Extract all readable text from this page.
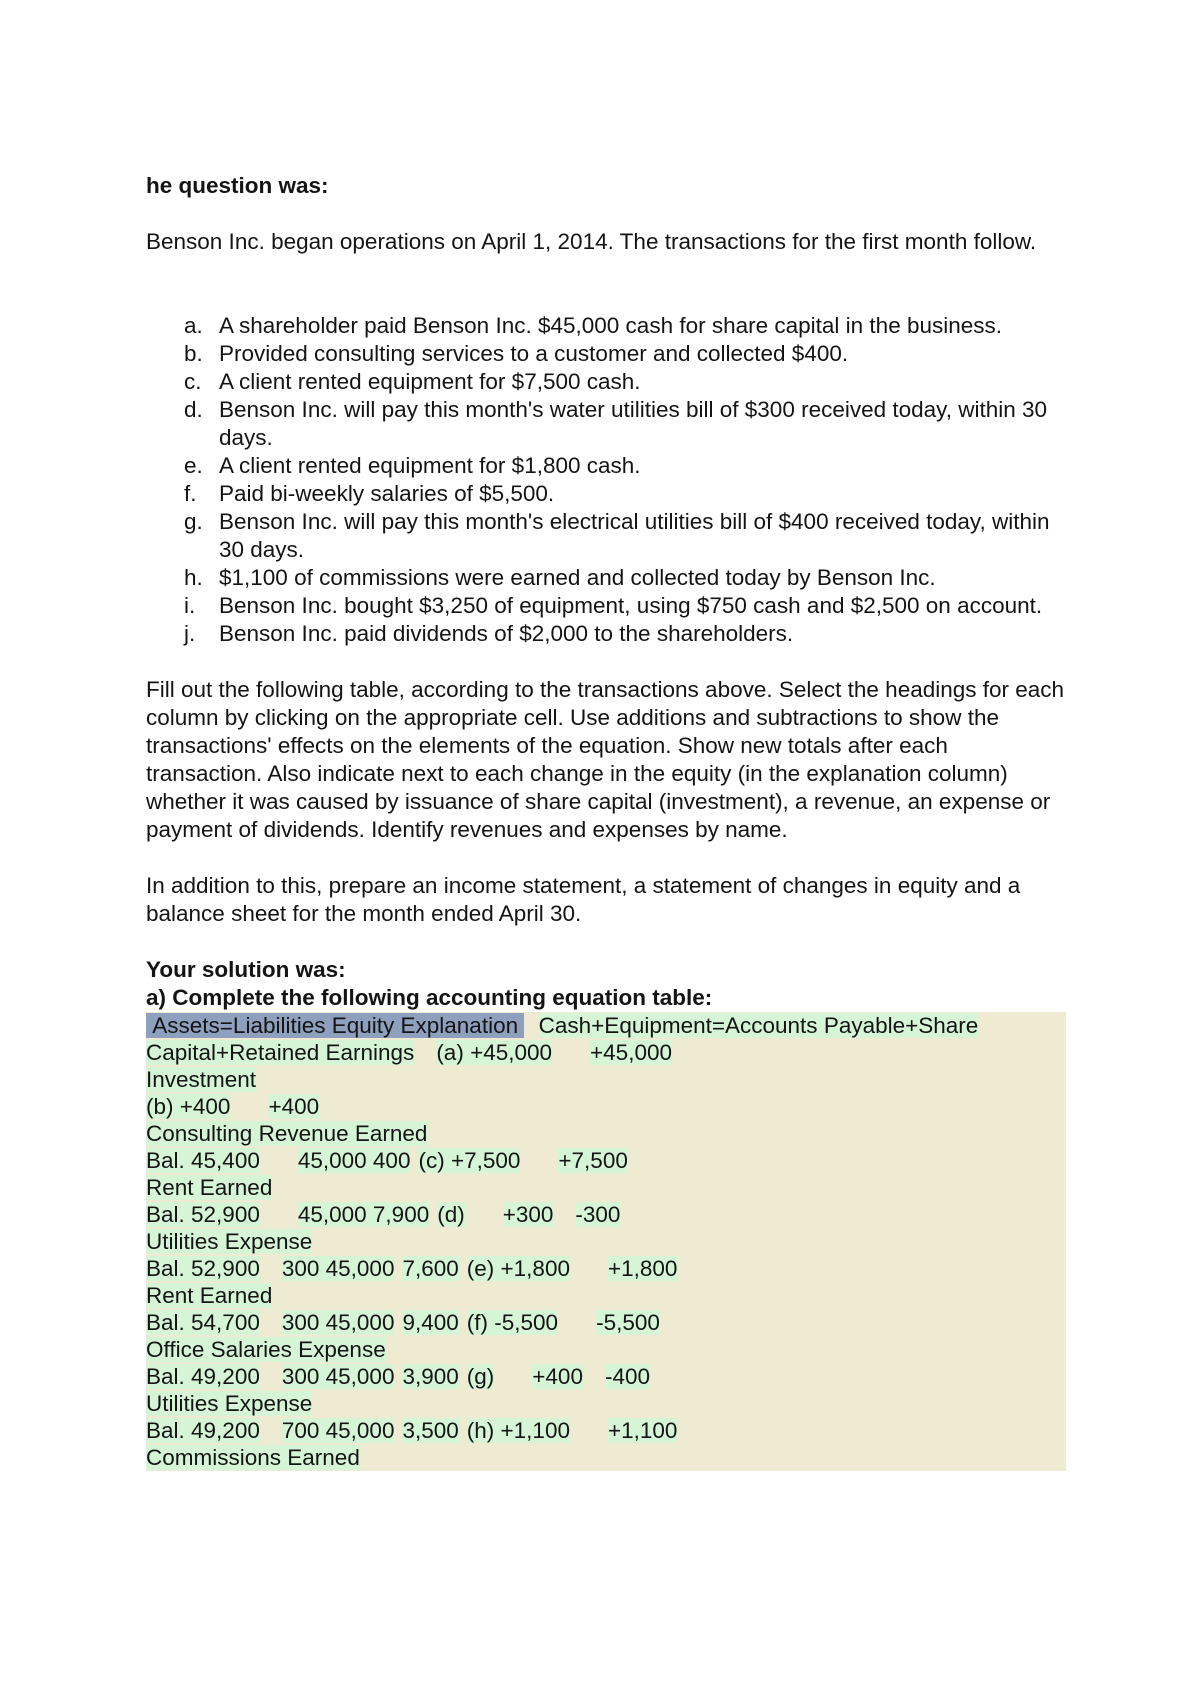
he question was:

Benson Inc. began operations on April 1, 2014. The transactions for the first month follow.

a. A shareholder paid Benson Inc. $45,000 cash for share capital in the business.
b. Provided consulting services to a customer and collected $400.
c. A client rented equipment for $7,500 cash.
d. Benson Inc. will pay this month's water utilities bill of $300 received today, within 30 days.
e. A client rented equipment for $1,800 cash.
f. Paid bi-weekly salaries of $5,500.
g. Benson Inc. will pay this month's electrical utilities bill of $400 received today, within 30 days.
h. $1,100 of commissions were earned and collected today by Benson Inc.
i. Benson Inc. bought $3,250 of equipment, using $750 cash and $2,500 on account.
j. Benson Inc. paid dividends of $2,000 to the shareholders.

Fill out the following table, according to the transactions above. Select the headings for each column by clicking on the appropriate cell. Use additions and subtractions to show the transactions' effects on the elements of the equation. Show new totals after each transaction. Also indicate next to each change in the equity (in the explanation column) whether it was caused by issuance of share capital (investment), a revenue, an expense or payment of dividends. Identify revenues and expenses by name.

In addition to this, prepare an income statement, a statement of changes in equity and a balance sheet for the month ended April 30.

Your solution was:

a) Complete the following accounting equation table:

Assets=Liabilities Equity Explanation Cash+Equipment=Accounts Payable+Share
Capital+Retained Earnings (a) +45,000 +45,000
Investment
(b) +400 +400
Consulting Revenue Earned
Bal. 45,400 45,000 400 (c) +7,500 +7,500
Rent Earned
Bal. 52,900 45,000 7,900 (d) +300 -300
Utilities Expense
Bal. 52,900 300 45,000 7,600 (e) +1,800 +1,800
Rent Earned
Bal. 54,700 300 45,000 9,400 (f) -5,500 -5,500
Office Salaries Expense
Bal. 49,200 300 45,000 3,900 (g) +400 -400
Utilities Expense
Bal. 49,200 700 45,000 3,500 (h) +1,100 +1,100
Commissions Earned
